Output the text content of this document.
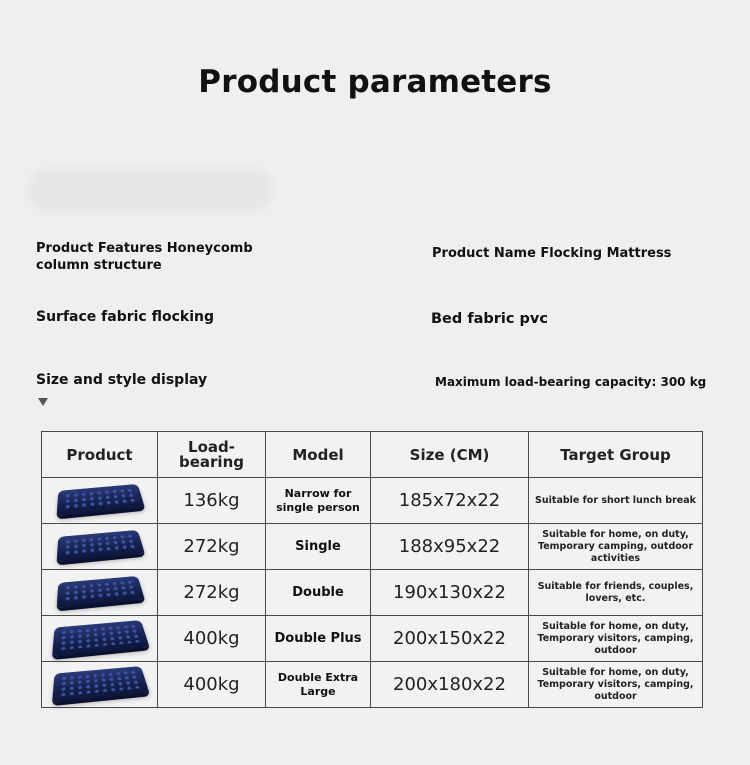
Product parameters
Product Features Honeycomb column structure
Product Name Flocking Mattress
Surface fabric flocking	Bed fabric pvc
Size and style display	Maximum load-bearing capacity: 300 kg
Product	Load-bearing	Model	Size (CM)	Target Group
	136kg	Narrow for single person	185x72x22	Suitable for short lunch break
	272kg	Single	188x95x22	Suitable for home, on duty, Temporary camping, outdoor activities
	272kg	Double	190x130x22	Suitable for friends, couples, lovers, etc.
	400kg	Double Plus	200x150x22	Suitable for home, on duty, Temporary visitors, camping, outdoor
	400kg	Double Extra Large	200x180x22	Suitable for home, on duty, Temporary visitors, camping, outdoor
